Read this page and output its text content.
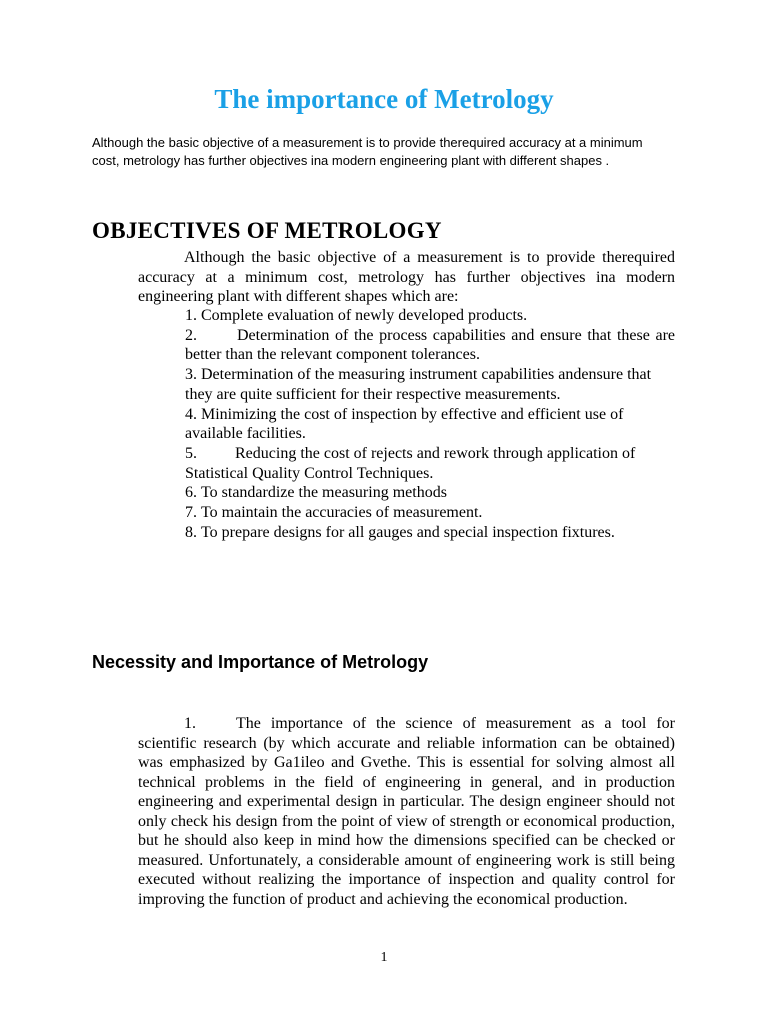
The importance of Metrology

Although the basic objective of a measurement is to provide therequired accuracy at a minimum cost, metrology has further objectives ina modern engineering plant with different shapes .

OBJECTIVES OF METROLOGY

Although the basic objective of a measurement is to provide therequired accuracy at a minimum cost, metrology has further objectives ina modern engineering plant with different shapes which are:

1. Complete evaluation of newly developed products.
2.	Determination of the process capabilities and ensure that these are better than the relevant component tolerances.
3. Determination of the measuring instrument capabilities andensure that they are quite sufficient for their respective measurements.
4. Minimizing the cost of inspection by effective and efficient use of available facilities.
5. Reducing the cost of rejects and rework through application of Statistical Quality Control Techniques.
6. To standardize the measuring methods
7. To maintain the accuracies of measurement.
8. To prepare designs for all gauges and special inspection fixtures.
Necessity and Importance of Metrology

1.	The importance of the science of measurement as a tool for scientific research (by which accurate and reliable information can be obtained) was emphasized by Ga1ileo and Gvethe. This is essential for solving almost all technical problems in the field of engineering in general, and in production engineering and experimental design in particular. The design engineer should not only check his design from the point of view of strength or economical production, but he should also keep in mind how the dimensions specified can be checked or measured. Unfortunately, a considerable amount of engineering work is still being executed without realizing the importance of inspection and quality control for improving the function of product and achieving the economical production.

1
